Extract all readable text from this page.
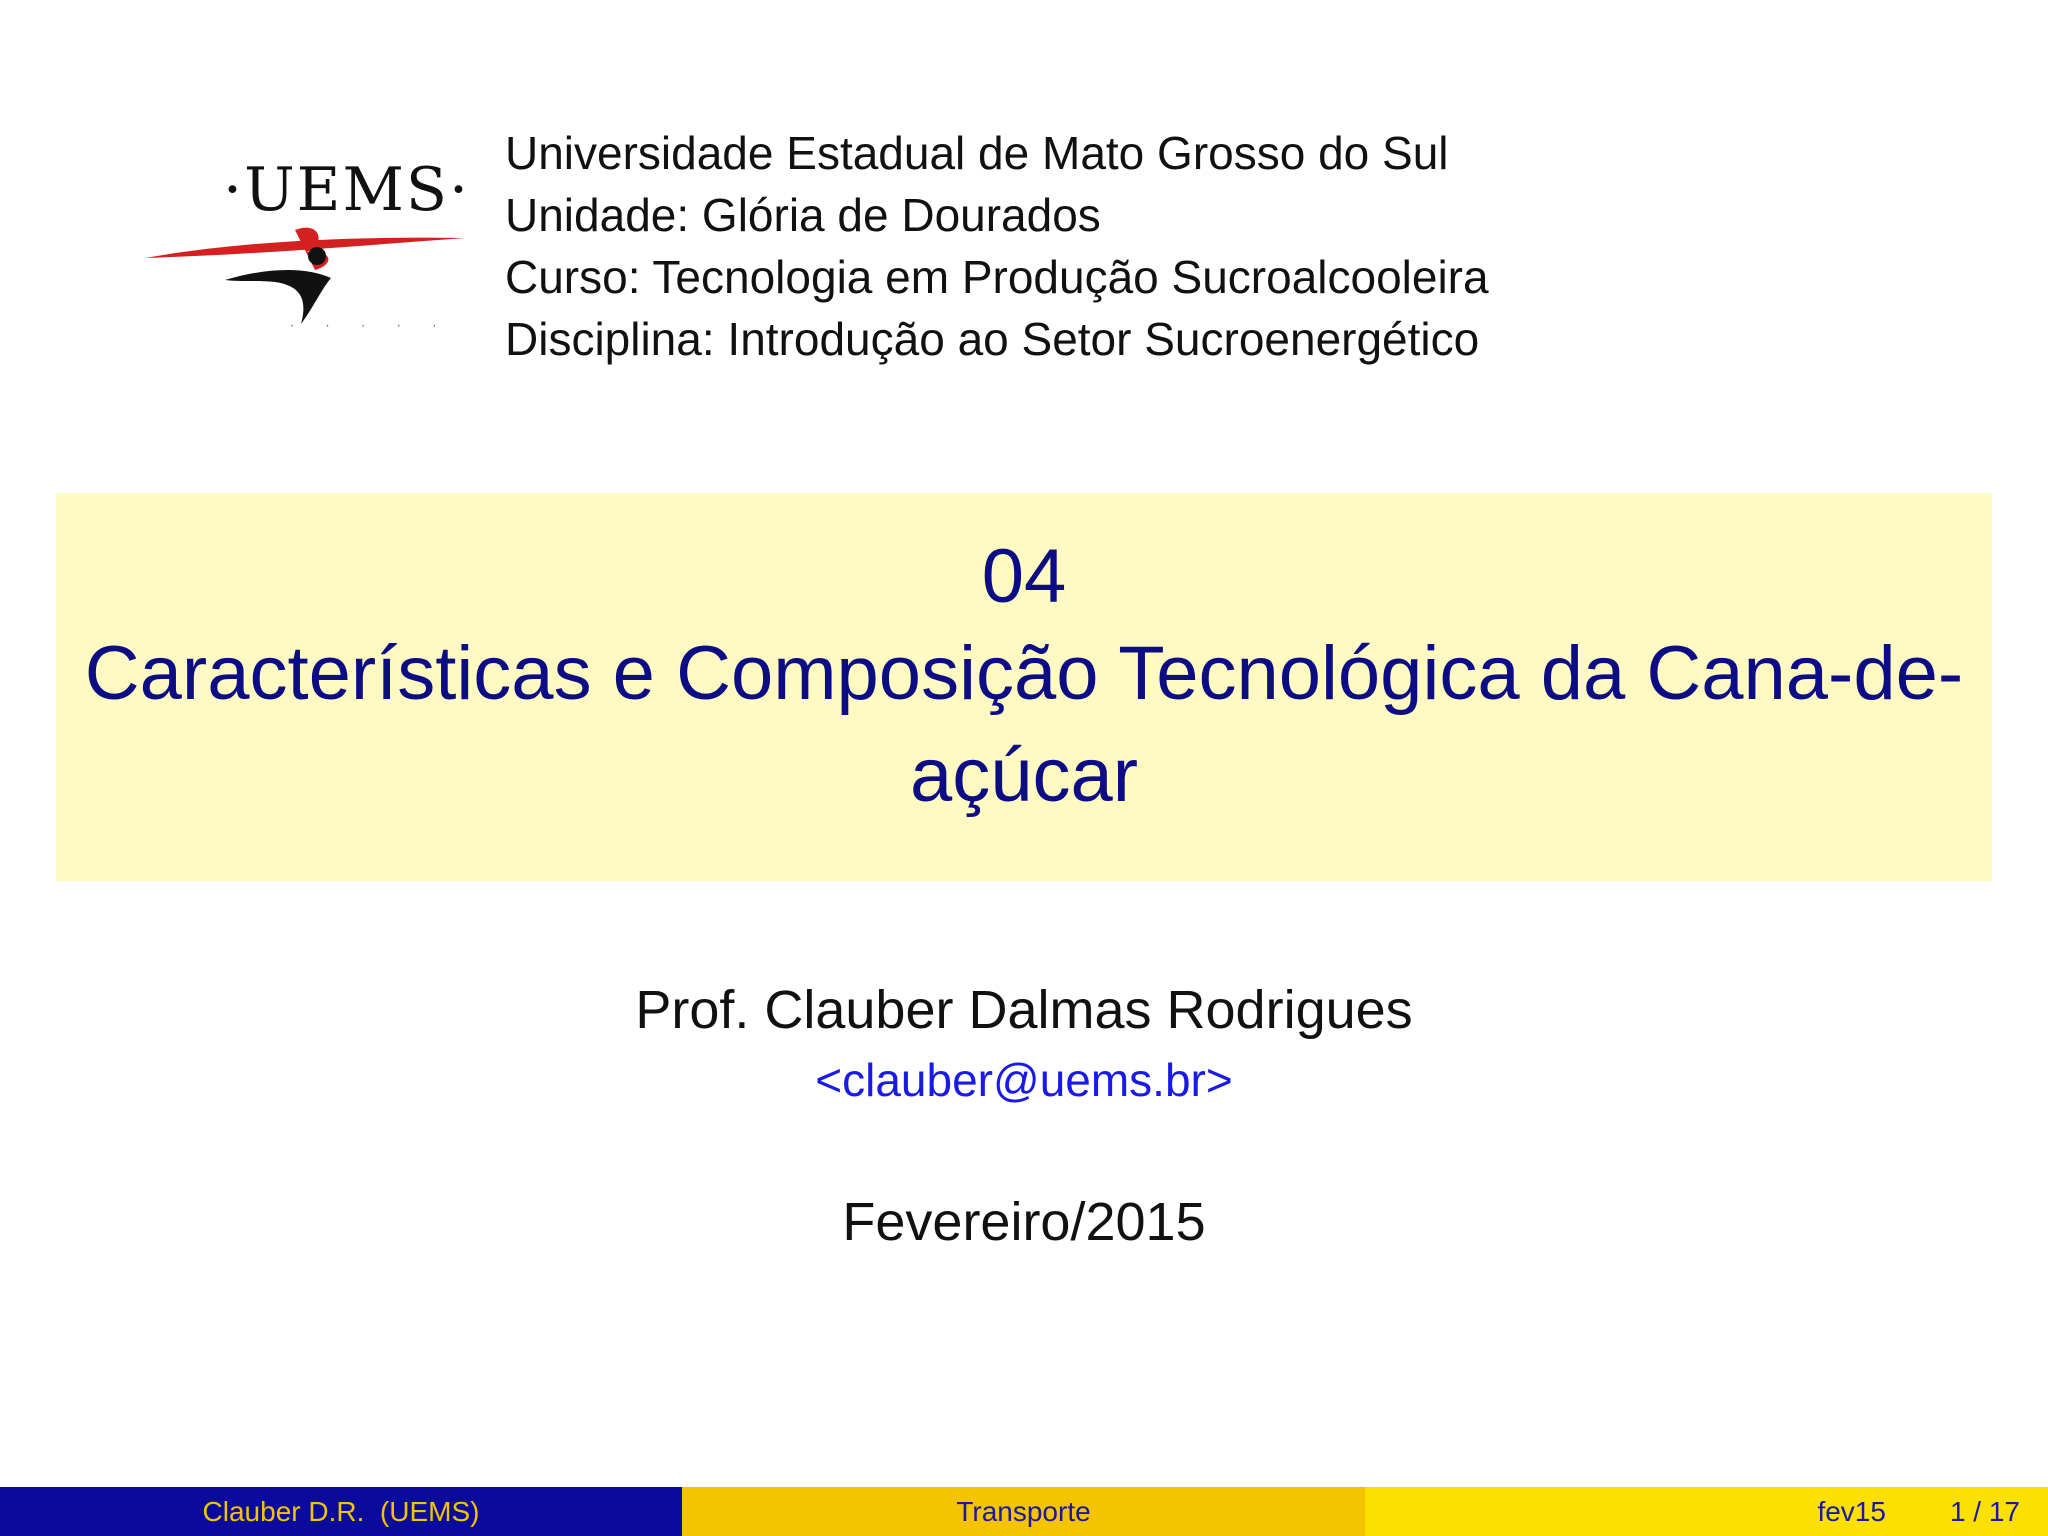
·UEMS·
· · · · ·
Universidade Estadual de Mato Grosso do Sul
Unidade: Glória de Dourados
Curso: Tecnologia em Produção Sucroalcooleira
Disciplina: Introdução ao Setor Sucroenergético
04
Características e Composição Tecnológica da Cana-de-açúcar
Prof. Clauber Dalmas Rodrigues
<clauber@uems.br>
Fevereiro/2015
Clauber D.R.  (UEMS)	Transporte	fev15 1 / 17
